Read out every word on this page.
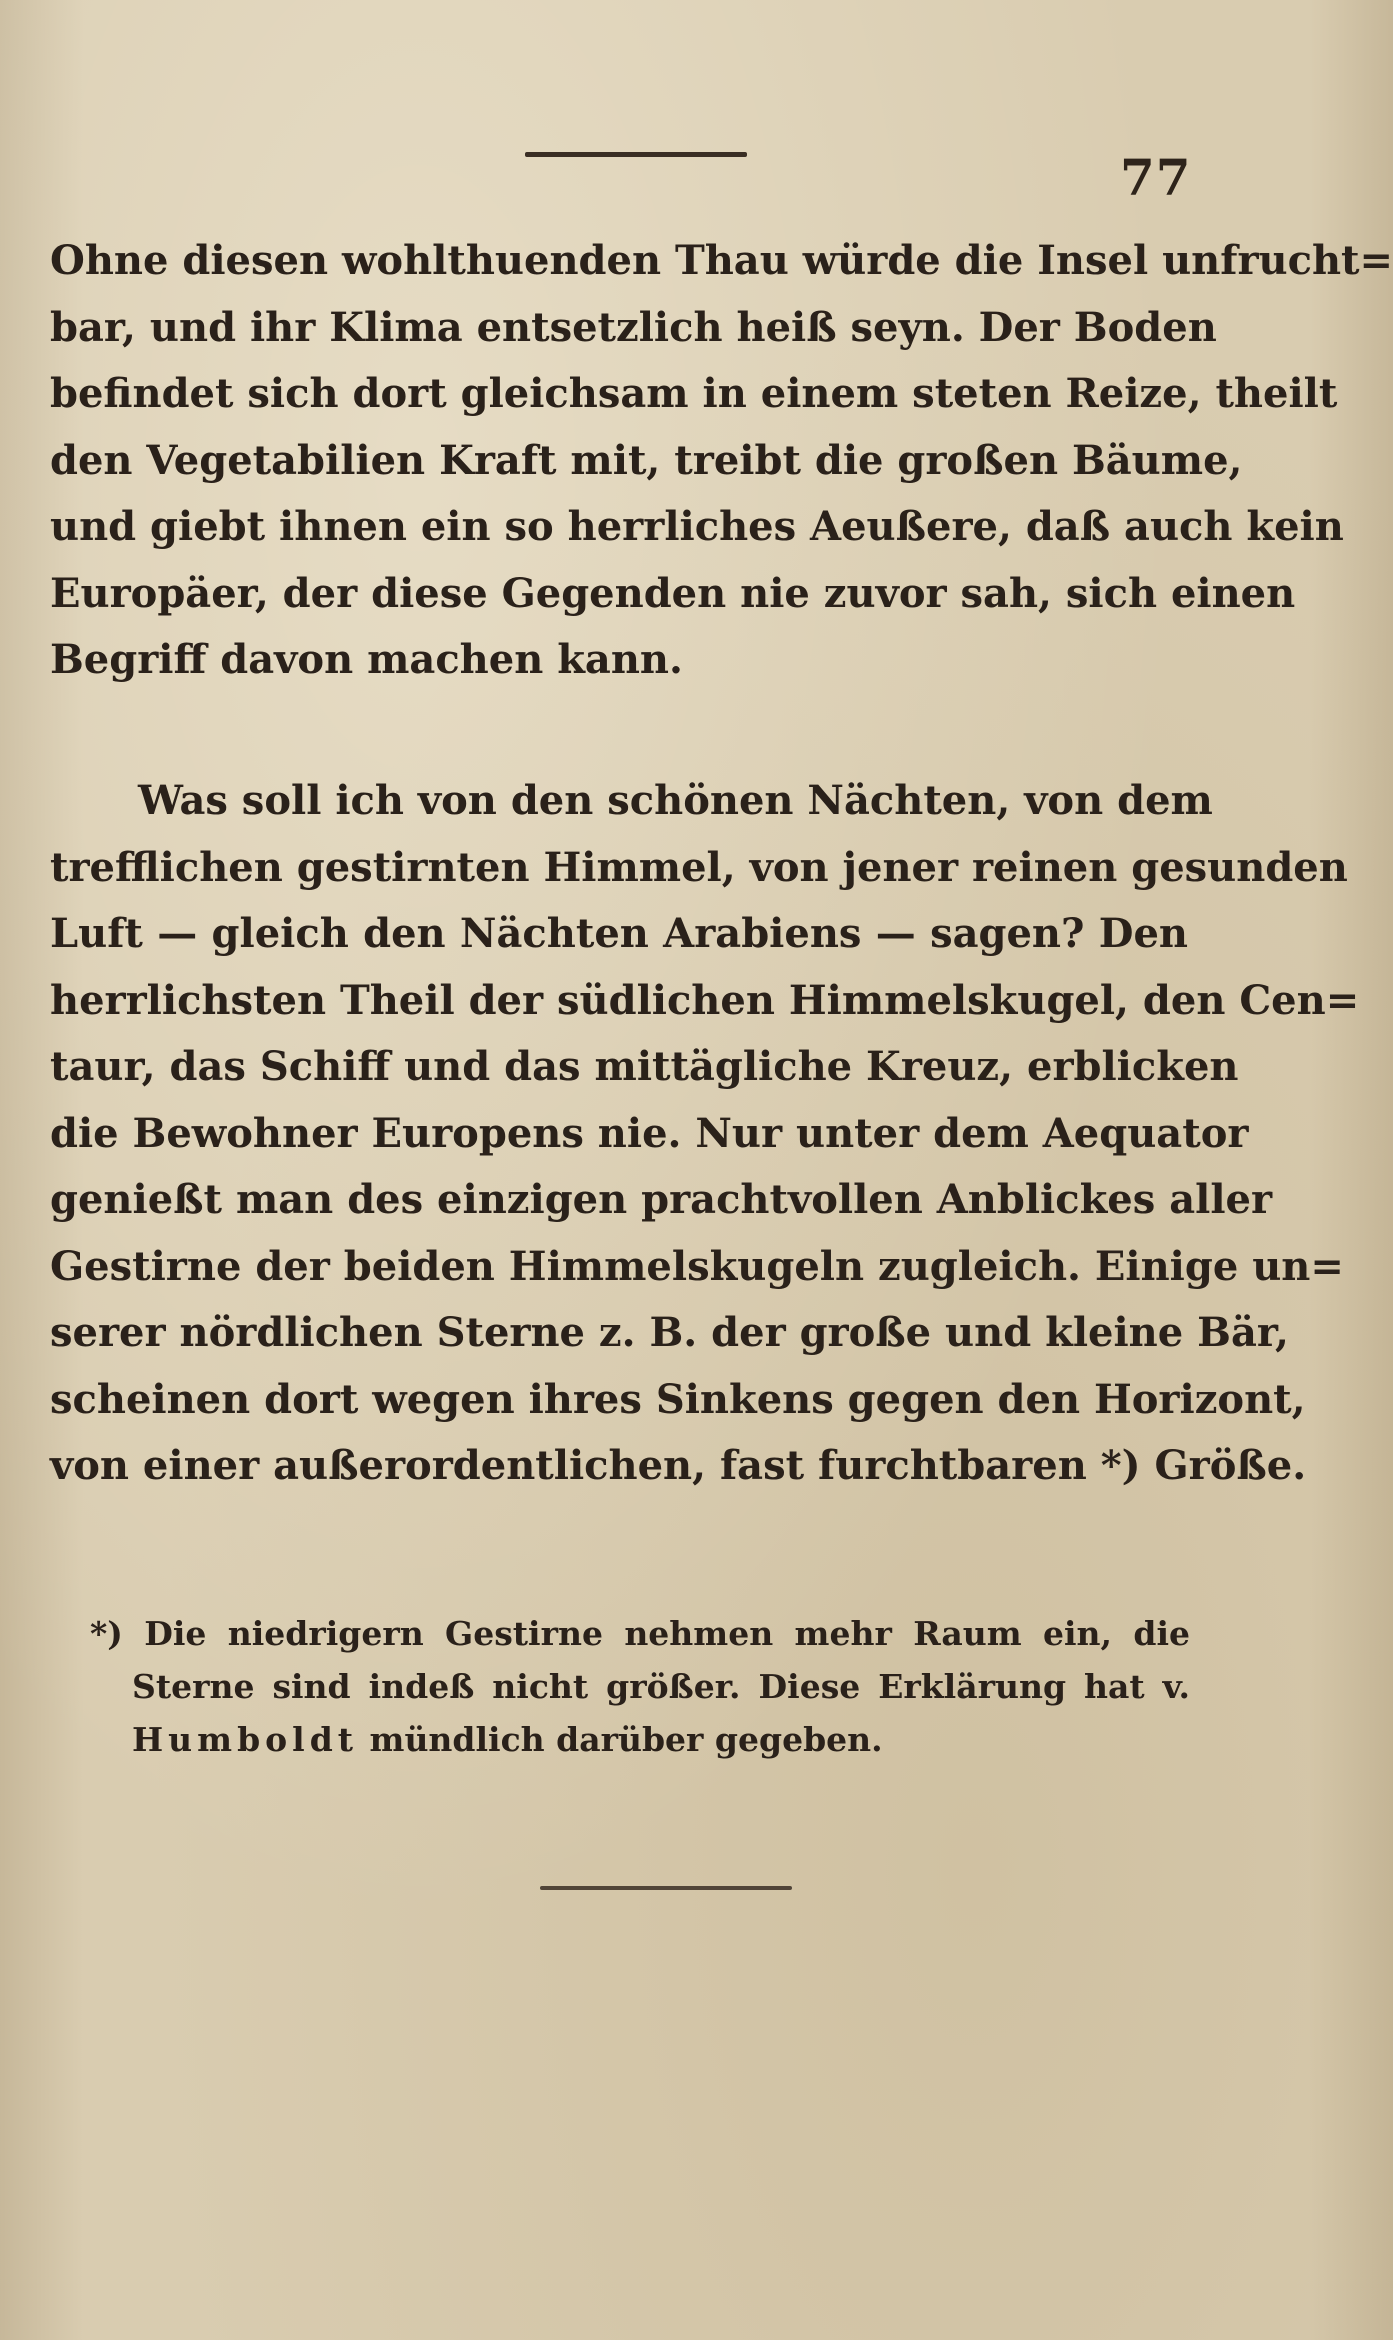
77
Ohne diesen wohlthuenden Thau würde die Insel unfrucht=
bar, und ihr Klima entsetzlich heiß seyn. Der Boden
befindet sich dort gleichsam in einem steten Reize, theilt
den Vegetabilien Kraft mit, treibt die großen Bäume,
und giebt ihnen ein so herrliches Aeußere, daß auch kein
Europäer, der diese Gegenden nie zuvor sah, sich einen
Begriff davon machen kann.
Was soll ich von den schönen Nächten, von dem
trefflichen gestirnten Himmel, von jener reinen gesunden
Luft — gleich den Nächten Arabiens — sagen? Den
herrlichsten Theil der südlichen Himmelskugel, den Cen=
taur, das Schiff und das mittägliche Kreuz, erblicken
die Bewohner Europens nie. Nur unter dem Aequator
genießt man des einzigen prachtvollen Anblickes aller
Gestirne der beiden Himmelskugeln zugleich. Einige un=
serer nördlichen Sterne z. B. der große und kleine Bär,
scheinen dort wegen ihres Sinkens gegen den Horizont,
von einer außerordentlichen, fast furchtbaren *) Größe.
*) Die niedrigern Gestirne nehmen mehr Raum ein, die
Sterne sind indeß nicht größer. Diese Erklärung hat v.
Humboldt mündlich darüber gegeben.
